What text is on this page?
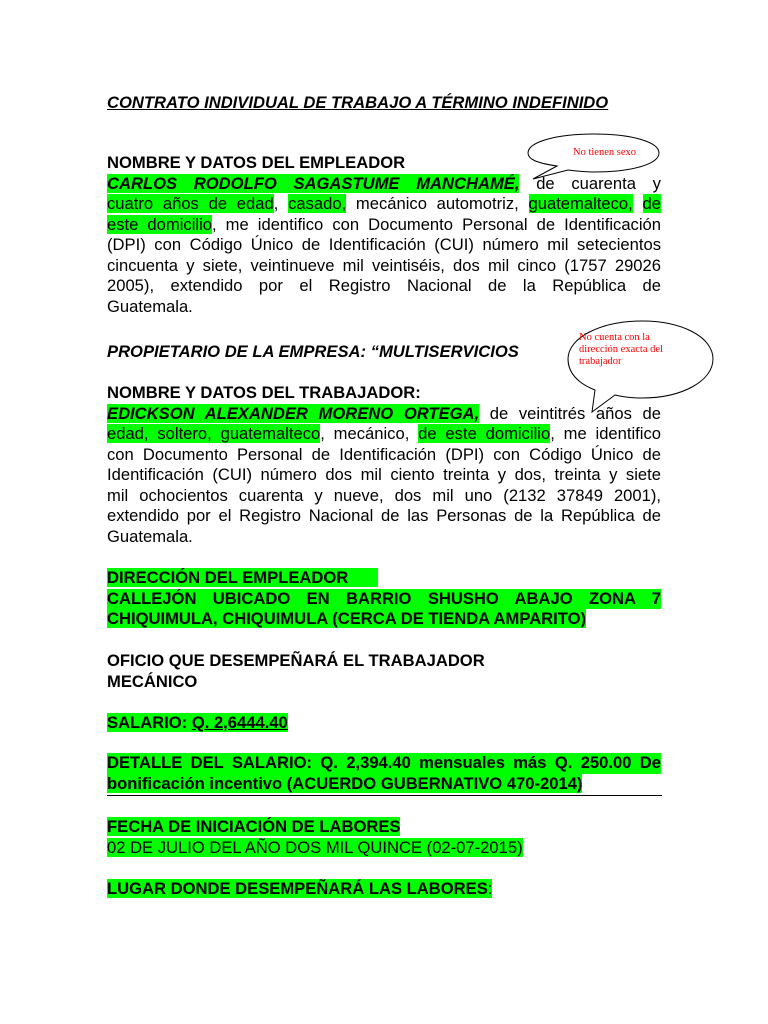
CONTRATO INDIVIDUAL DE TRABAJO A TÉRMINO INDEFINIDO
NOMBRE Y DATOS DEL EMPLEADOR
CARLOS RODOLFO SAGASTUME MANCHAMÉ, de cuarenta y
cuatro años de edad, casado, mecánico automotriz, guatemalteco, de
este domicilio, me identifico con Documento Personal de Identificación
(DPI) con Código Único de Identificación (CUI) número mil setecientos
cincuenta y siete, veintinueve mil veintiséis, dos mil cinco (1757 29026
2005), extendido por el Registro Nacional de la República de
Guatemala.
PROPIETARIO DE LA EMPRESA: “MULTISERVICIOS
NOMBRE Y DATOS DEL TRABAJADOR:
EDICKSON ALEXANDER MORENO ORTEGA, de veintitrés años de
edad, soltero, guatemalteco, mecánico, de este domicilio, me identifico
con Documento Personal de Identificación (DPI) con Código Único de
Identificación (CUI) número dos mil ciento treinta y dos, treinta y siete
mil ochocientos cuarenta y nueve, dos mil uno (2132 37849 2001),
extendido por el Registro Nacional de las Personas de la República de
Guatemala.
DIRECCIÓN DEL EMPLEADOR
CALLEJÓN UBICADO EN BARRIO SHUSHO ABAJO ZONA 7
CHIQUIMULA, CHIQUIMULA (CERCA DE TIENDA AMPARITO)
OFICIO QUE DESEMPEÑARÁ EL TRABAJADOR
MECÁNICO
SALARIO: Q. 2,6444.40
DETALLE DEL SALARIO: Q. 2,394.40 mensuales más Q. 250.00 De
bonificación incentivo (ACUERDO GUBERNATIVO 470-2014)
FECHA DE INICIACIÓN DE LABORES
02 DE JULIO DEL AÑO DOS MIL QUINCE (02-07-2015)
LUGAR DONDE DESEMPEÑARÁ LAS LABORES:
No tienen sexo
No cuenta con la
dirección exacta del
trabajador
